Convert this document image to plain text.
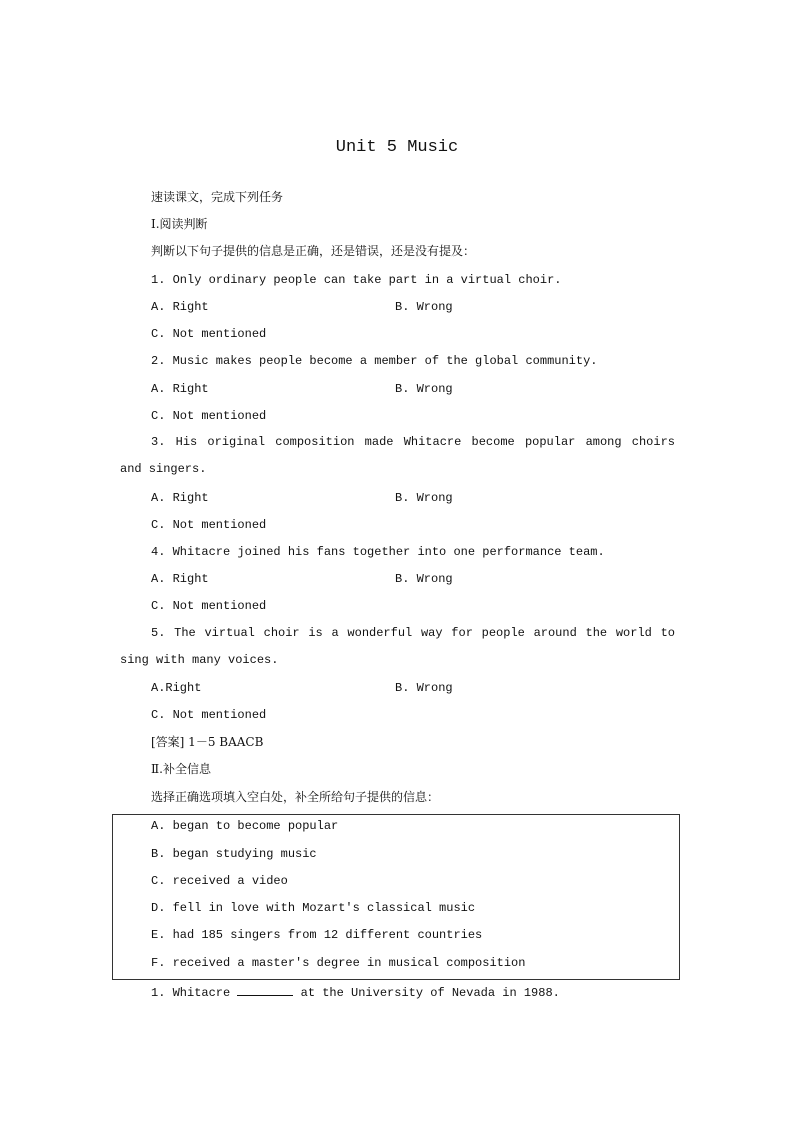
Unit 5 Music
速读课文，完成下列任务
Ⅰ.阅读判断
判断以下句子提供的信息是正确，还是错误，还是没有提及：
1. Only ordinary people can take part in a virtual choir.
A. Right	B. Wrong
C. Not mentioned
2. Music makes people become a member of the global community.
A. Right	B. Wrong
C. Not mentioned
3. His original composition made Whitacre become popular among choirs and singers.
A. Right	B. Wrong
C. Not mentioned
4. Whitacre joined his fans together into one performance team.
A. Right	B. Wrong
C. Not mentioned
5. The virtual choir is a wonderful way for people around the world to sing with many voices.
A.Right	B. Wrong
C. Not mentioned
[答案] 1－5 BAACB
Ⅱ.补全信息
选择正确选项填入空白处，补全所给句子提供的信息：
A. began to become popular
B. began studying music
C. received a video
D. fell in love with Mozart's classical music
E. had 185 singers from 12 different countries
F. received a master's degree in musical composition
1. Whitacre	at the University of Nevada in 1988.
